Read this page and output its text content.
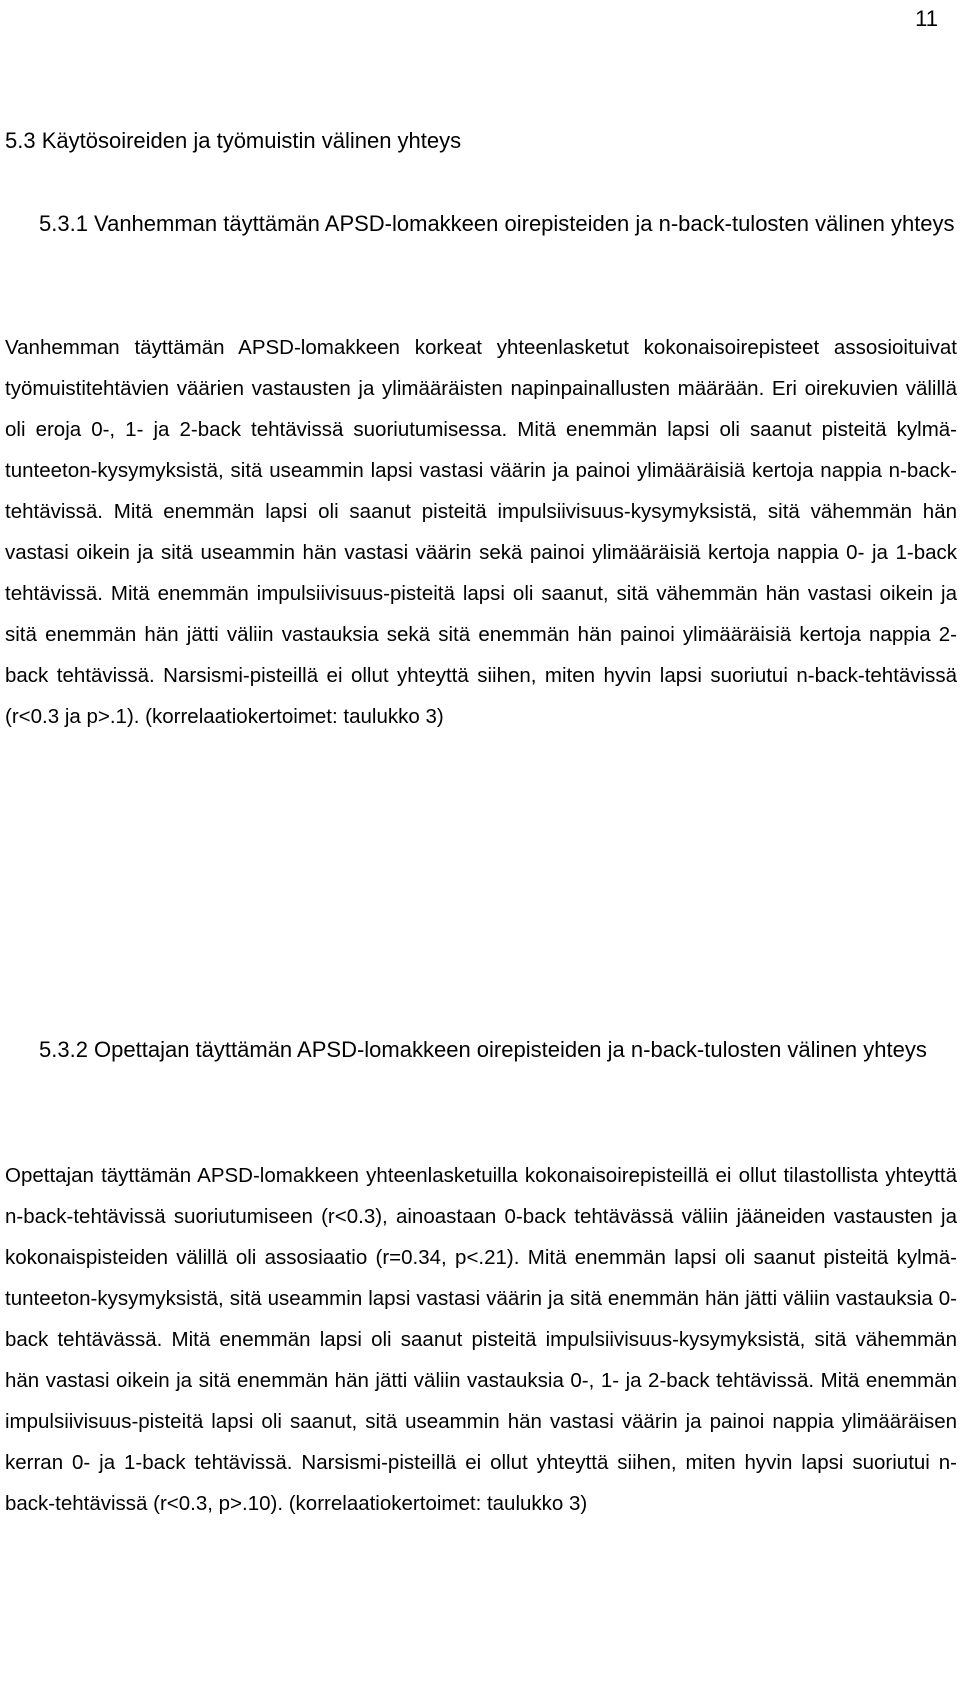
11
5.3 Käytösoireiden ja työmuistin välinen yhteys
5.3.1 Vanhemman täyttämän APSD-lomakkeen oirepisteiden ja n-back-tulosten välinen yhteys

Vanhemman täyttämän APSD-lomakkeen korkeat yhteenlasketut kokonaisoirepisteet assosioituivat työmuistitehtävien väärien vastausten ja ylimääräisten napinpainallusten määrään. Eri oirekuvien välillä oli eroja 0-, 1- ja 2-back tehtävissä suoriutumisessa. Mitä enemmän lapsi oli saanut pisteitä kylmä-tunteeton-kysymyksistä, sitä useammin lapsi vastasi väärin ja painoi ylimääräisiä kertoja nappia n-back-tehtävissä. Mitä enemmän lapsi oli saanut pisteitä impulsiivisuus-kysymyksistä, sitä vähemmän hän vastasi oikein ja sitä useammin hän vastasi väärin sekä painoi ylimääräisiä kertoja nappia 0- ja 1-back tehtävissä. Mitä enemmän impulsiivisuus-pisteitä lapsi oli saanut, sitä vähemmän hän vastasi oikein ja sitä enemmän hän jätti väliin vastauksia sekä sitä enemmän hän painoi ylimääräisiä kertoja nappia 2-back tehtävissä. Narsismi-pisteillä ei ollut yhteyttä siihen, miten hyvin lapsi suoriutui n-back-tehtävissä (r<0.3 ja p>.1). (korrelaatiokertoimet: taulukko 3)

5.3.2 Opettajan täyttämän APSD-lomakkeen oirepisteiden ja n-back-tulosten välinen yhteys

Opettajan täyttämän APSD-lomakkeen yhteenlasketuilla kokonaisoirepisteillä ei ollut tilastollista yhteyttä n-back-tehtävissä suoriutumiseen (r<0.3), ainoastaan 0-back tehtävässä väliin jääneiden vastausten ja kokonaispisteiden välillä oli assosiaatio (r=0.34, p<.21). Mitä enemmän lapsi oli saanut pisteitä kylmä-tunteeton-kysymyksistä, sitä useammin lapsi vastasi väärin ja sitä enemmän hän jätti väliin vastauksia 0-back tehtävässä. Mitä enemmän lapsi oli saanut pisteitä impulsiivisuus-kysymyksistä, sitä vähemmän hän vastasi oikein ja sitä enemmän hän jätti väliin vastauksia 0-, 1- ja 2-back tehtävissä. Mitä enemmän impulsiivisuus-pisteitä lapsi oli saanut, sitä useammin hän vastasi väärin ja painoi nappia ylimääräisen kerran 0- ja 1-back tehtävissä. Narsismi-pisteillä ei ollut yhteyttä siihen, miten hyvin lapsi suoriutui n-back-tehtävissä (r<0.3, p>.10). (korrelaatiokertoimet: taulukko 3)
